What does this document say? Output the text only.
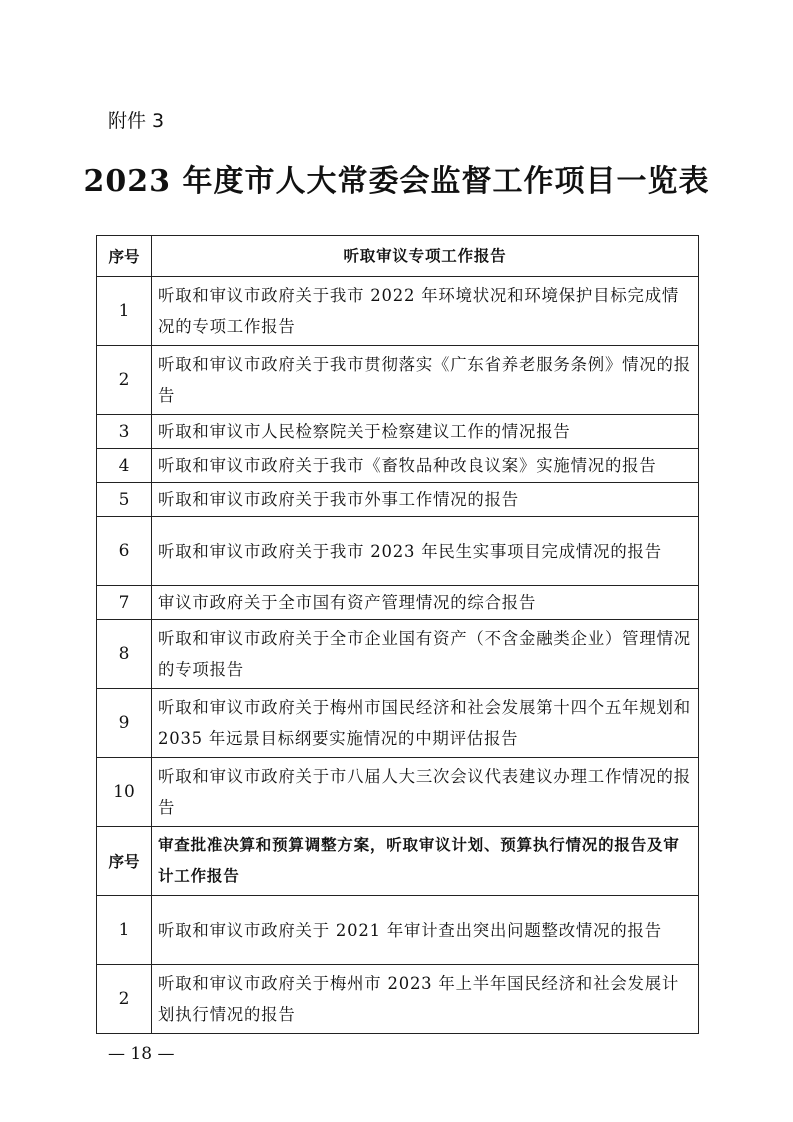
附件 3
2023 年度市人大常委会监督工作项目一览表
序号	听取审议专项工作报告
1	听取和审议市政府关于我市 2022 年环境状况和环境保护目标完成情况的专项工作报告
2	听取和审议市政府关于我市贯彻落实《广东省养老服务条例》情况的报告
3	听取和审议市人民检察院关于检察建议工作的情况报告
4	听取和审议市政府关于我市《畜牧品种改良议案》实施情况的报告
5	听取和审议市政府关于我市外事工作情况的报告
6	听取和审议市政府关于我市 2023 年民生实事项目完成情况的报告
7	审议市政府关于全市国有资产管理情况的综合报告
8	听取和审议市政府关于全市企业国有资产（不含金融类企业）管理情况的专项报告
9	听取和审议市政府关于梅州市国民经济和社会发展第十四个五年规划和 2035 年远景目标纲要实施情况的中期评估报告
10	听取和审议市政府关于市八届人大三次会议代表建议办理工作情况的报告
序号	审查批准决算和预算调整方案，听取审议计划、预算执行情况的报告及审计工作报告
1	听取和审议市政府关于 2021 年审计查出突出问题整改情况的报告
2	听取和审议市政府关于梅州市 2023 年上半年国民经济和社会发展计划执行情况的报告
— 18 —
